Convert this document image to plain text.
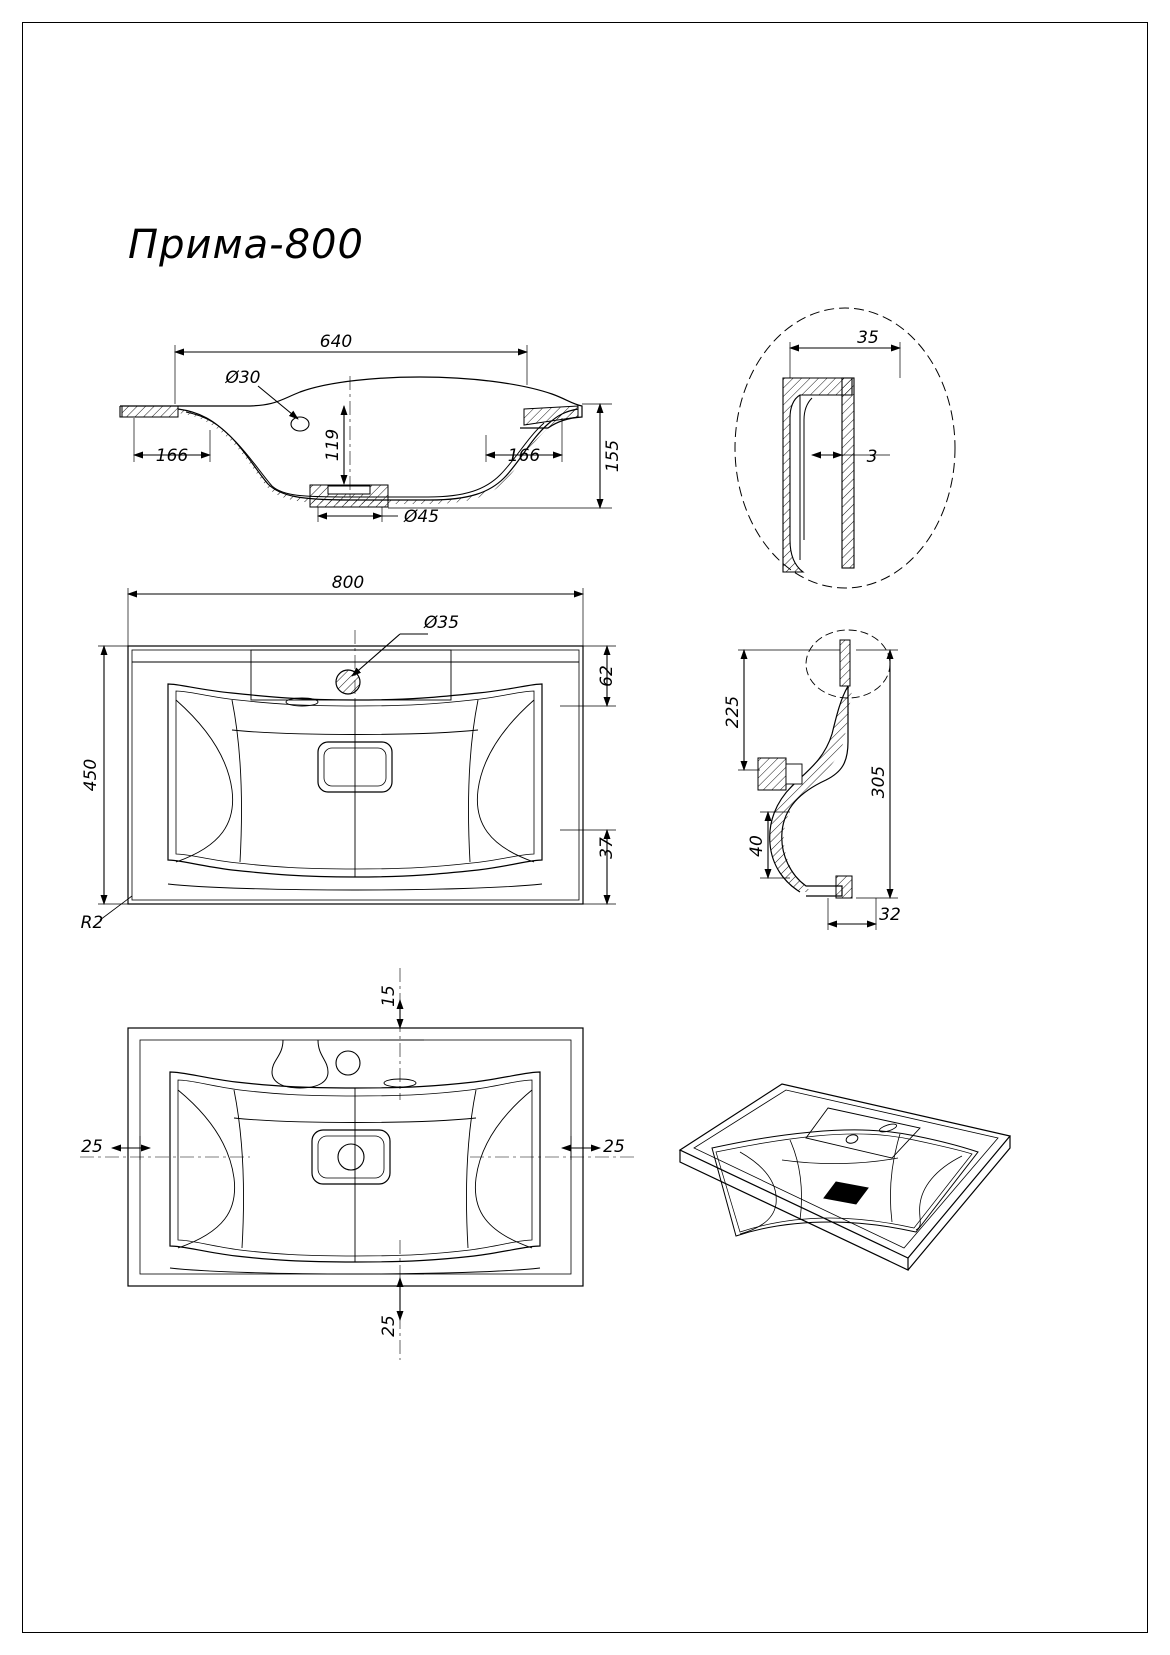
Прима-800
640
Ø30
166	166
119	155
Ø45
35
3
800
Ø35
450
62
37
R2
225
305
40
32
15
25	25
25
